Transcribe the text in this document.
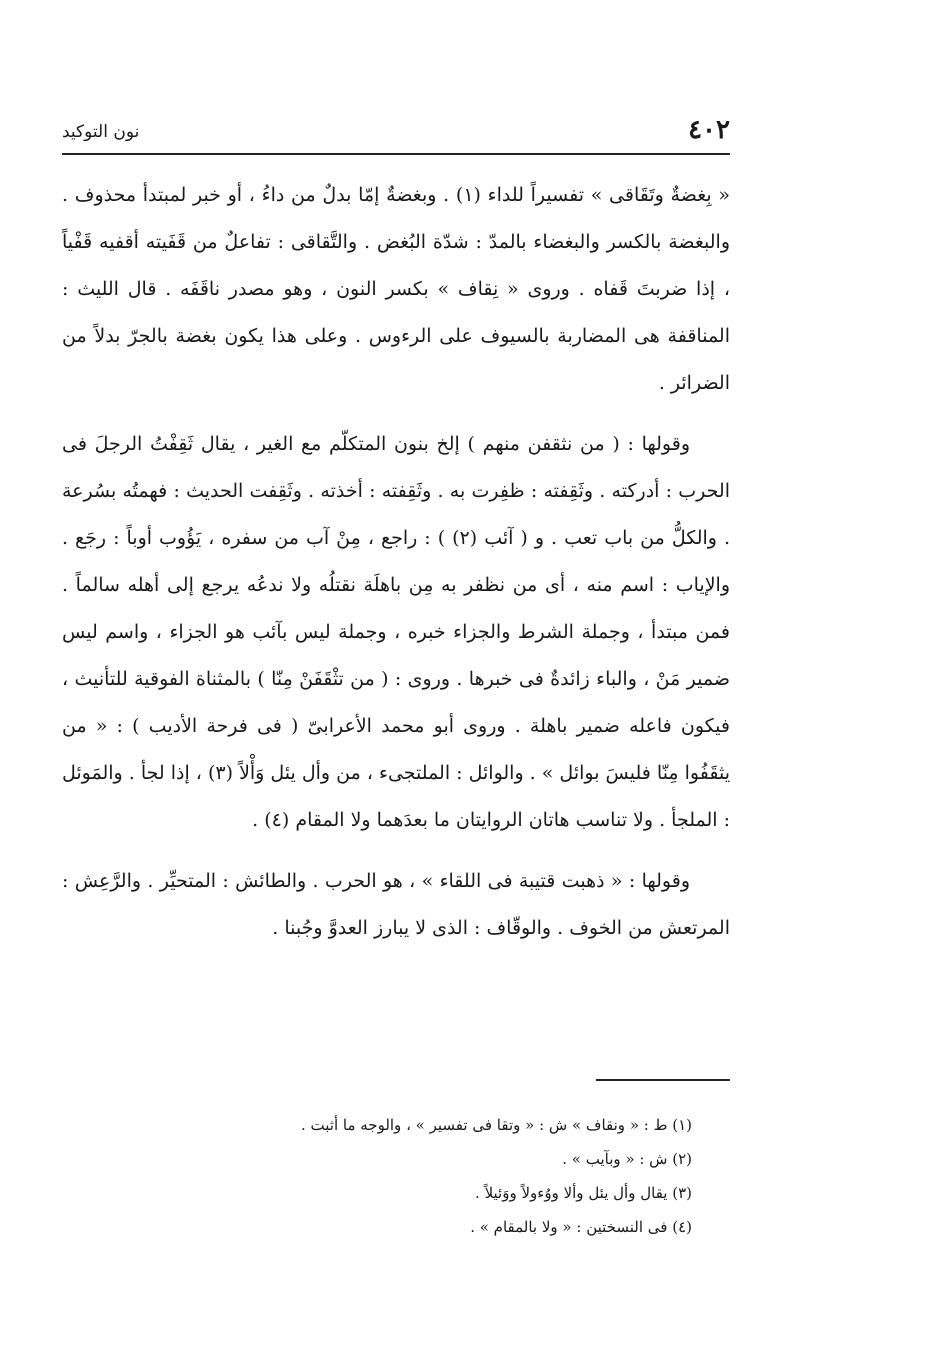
٤٠٢
نون التوكيد

« بِغضةٌ وتَقَاقى » تفسيراً للداء (١) . وبغضةٌ إمّا بدلٌ من داءُ ، أو خبر لمبتدأ محذوف . والبغضة بالكسر والبغضاء بالمدّ : شدّة البُغض . والتَّقاقى : تفاعلٌ من قَفَيته أقفيه قَفْياً ، إذا ضربتَ قَفاه . وروى « نِقاف » بكسر النون ، وهو مصدر ناقَفَه . قال الليث : المناقفة هى المضاربة بالسيوف على الرءوس . وعلى هذا يكون بغضة بالجرّ بدلاً من الضرائر .

وقولها : ( من نثقفن منهم ) إلخ بنون المتكلّم مع الغير ، يقال ثَقِفْتُ الرجلَ فى الحرب : أدركته . وثَقِفته : ظفِرت به . وثَقِفته : أخذته . وثَقِفت الحديث : فهمتُه بسُرعة . والكلُّ من باب تعب . و ( آئب (٢) ) : راجع ، مِنْ آب من سفره ، يَؤُوب أوباً : رجَع . والإياب : اسم منه ، أى من نظفر به مِن باهلَة نقتلُه ولا ندعُه يرجع إلى أهله سالماً . فمن مبتدأ ، وجملة الشرط والجزاء خبره ، وجملة ليس بآئب هو الجزاء ، واسم ليس ضمير مَنْ ، والباء زائدةٌ فى خبرها . وروى : ( من تثْقَفَنْ مِنّا ) بالمثناة الفوقية للتأنيث ، فيكون فاعله ضمير باهلة . وروى أبو محمد الأعرابىّ ( فى فرحة الأديب ) : « من يثقَفُوا مِنّا فليسَ بوائل » . والوائل : الملتجىء ، من وأل يئل وَأْلاً (٣) ، إذا لجأ . والمَوئل : الملجأ . ولا تناسب هاتان الروايتان ما بعدَهما ولا المقام (٤) .

وقولها : « ذهبت قتيبة فى اللقاء » ، هو الحرب . والطائش : المتحيِّر . والرَّعِش : المرتعش من الخوف . والوقّاف : الذى لا يبارز العدوَّ وجُبنا .

(١) ط : « ونقاف » ش : « وتقا فى تفسير » ، والوجه ما أثبت .

(٢) ش : « وبآيب » .

(٣) يقال وأل يئل وألا ووُءولاً ووَئيلاً .

(٤) فى النسختين : « ولا بالمقام » .
